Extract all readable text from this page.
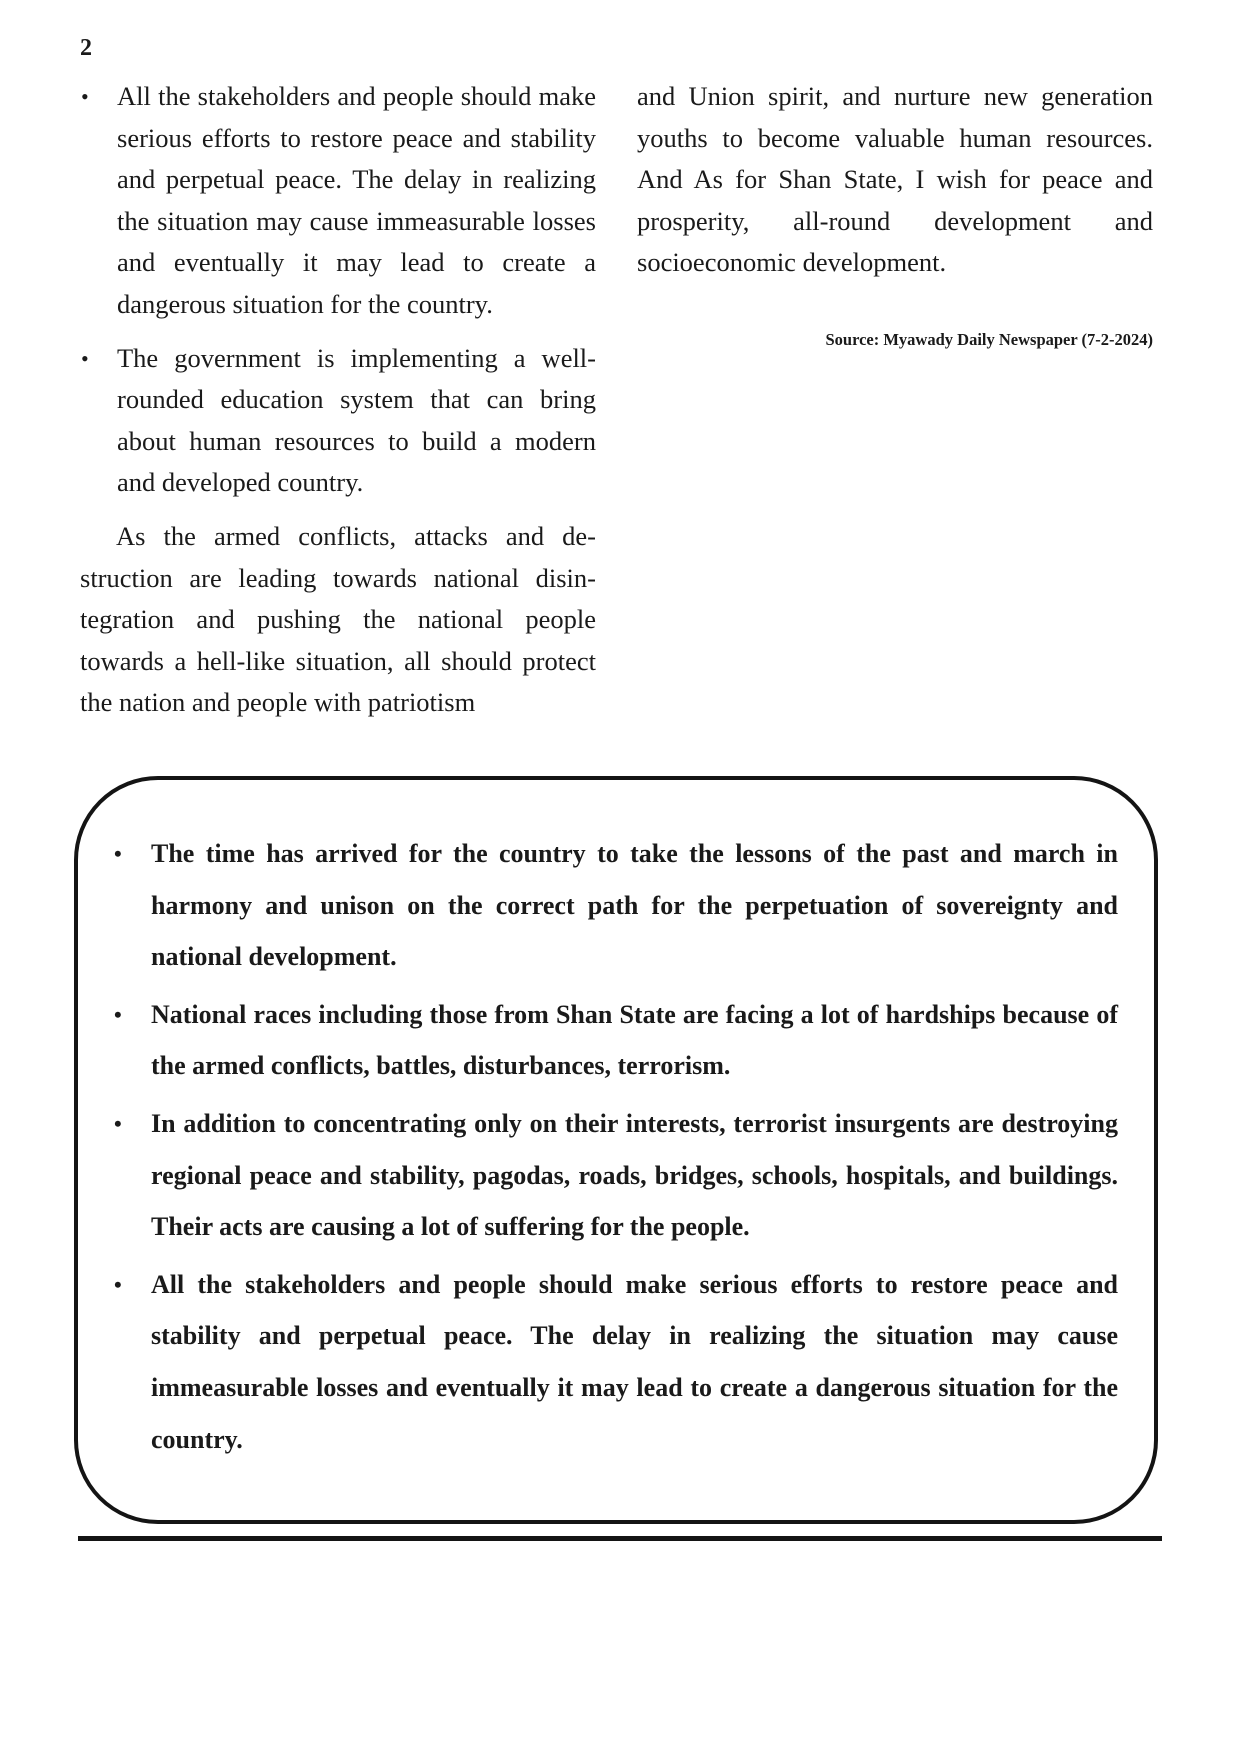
2
• All the stakeholders and people should make serious efforts to restore peace and stability and perpetual peace. The delay in realizing the situation may cause immeasurable losses and eventually it may lead to create a dangerous situation for the country.
• The government is implementing a well-rounded education system that can bring about human resources to build a modern and developed country.

As the armed conflicts, attacks and destruction are leading towards national disintegration and pushing the national people towards a hell-like situation, all should protect the nation and people with patriotism

and Union spirit, and nurture new generation youths to become valuable human resources. And As for Shan State, I wish for peace and prosperity, all-round development and socioeconomic development.

Source: Myawady Daily Newspaper (7-2-2024)
• The time has arrived for the country to take the lessons of the past and march in harmony and unison on the correct path for the perpetuation of sovereignty and national development.
• National races including those from Shan State are facing a lot of hardships because of the armed conflicts, battles, disturbances, terrorism.
• In addition to concentrating only on their interests, terrorist insurgents are destroying regional peace and stability, pagodas, roads, bridges, schools, hospitals, and buildings. Their acts are causing a lot of suffering for the people.
• All the stakeholders and people should make serious efforts to restore peace and stability and perpetual peace. The delay in realizing the situation may cause immeasurable losses and eventually it may lead to create a dangerous situation for the country.
